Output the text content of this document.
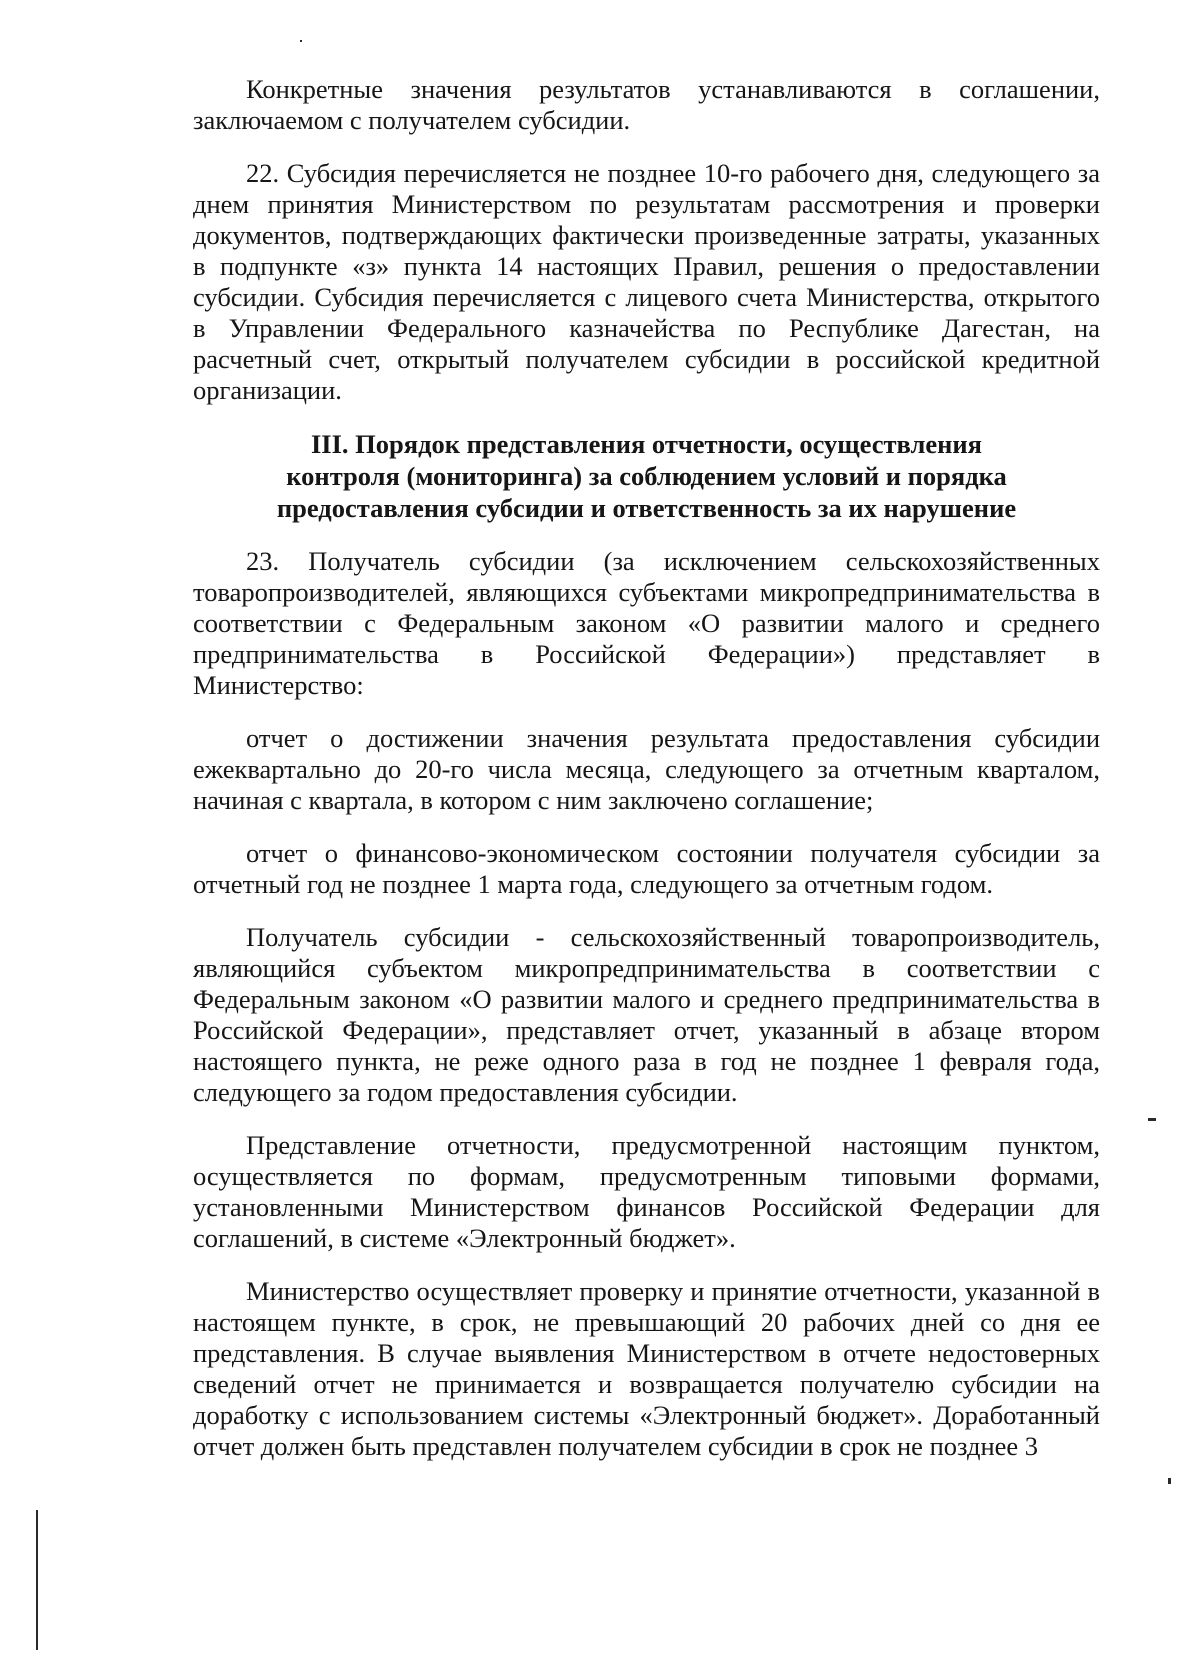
Конкретные значения результатов устанавливаются в соглашении, заключаемом с получателем субсидии.

22. Субсидия перечисляется не позднее 10-го рабочего дня, следующего за днем принятия Министерством по результатам рассмотрения и проверки документов, подтверждающих фактически произведенные затраты, указанных в подпункте «з» пункта 14 настоящих Правил, решения о предоставлении субсидии. Субсидия перечисляется с лицевого счета Министерства, открытого в Управлении Федерального казначейства по Республике Дагестан, на расчетный счет, открытый получателем субсидии в российской кредитной организации.

III. Порядок представления отчетности, осуществления
контроля (мониторинга) за соблюдением условий и порядка
предоставления субсидии и ответственность за их нарушение

23. Получатель субсидии (за исключением сельскохозяйственных товаропроизводителей, являющихся субъектами микропредпринимательства в соответствии с Федеральным законом «О развитии малого и среднего предпринимательства в Российской Федерации») представляет в Министерство:

отчет о достижении значения результата предоставления субсидии ежеквартально до 20-го числа месяца, следующего за отчетным кварталом, начиная с квартала, в котором с ним заключено соглашение;

отчет о финансово-экономическом состоянии получателя субсидии за отчетный год не позднее 1 марта года, следующего за отчетным годом.

Получатель субсидии - сельскохозяйственный товаропроизводитель, являющийся субъектом микропредпринимательства в соответствии с Федеральным законом «О развитии малого и среднего предпринимательства в Российской Федерации», представляет отчет, указанный в абзаце втором настоящего пункта, не реже одного раза в год не позднее 1 февраля года, следующего за годом предоставления субсидии.

Представление отчетности, предусмотренной настоящим пунктом, осуществляется по формам, предусмотренным типовыми формами, установленными Министерством финансов Российской Федерации для соглашений, в системе «Электронный бюджет».

Министерство осуществляет проверку и принятие отчетности, указанной в настоящем пункте, в срок, не превышающий 20 рабочих дней со дня ее представления. В случае выявления Министерством в отчете недостоверных сведений отчет не принимается и возвращается получателю субсидии на доработку с использованием системы «Электронный бюджет». Доработанный отчет должен быть представлен получателем субсидии в срок не позднее 3
